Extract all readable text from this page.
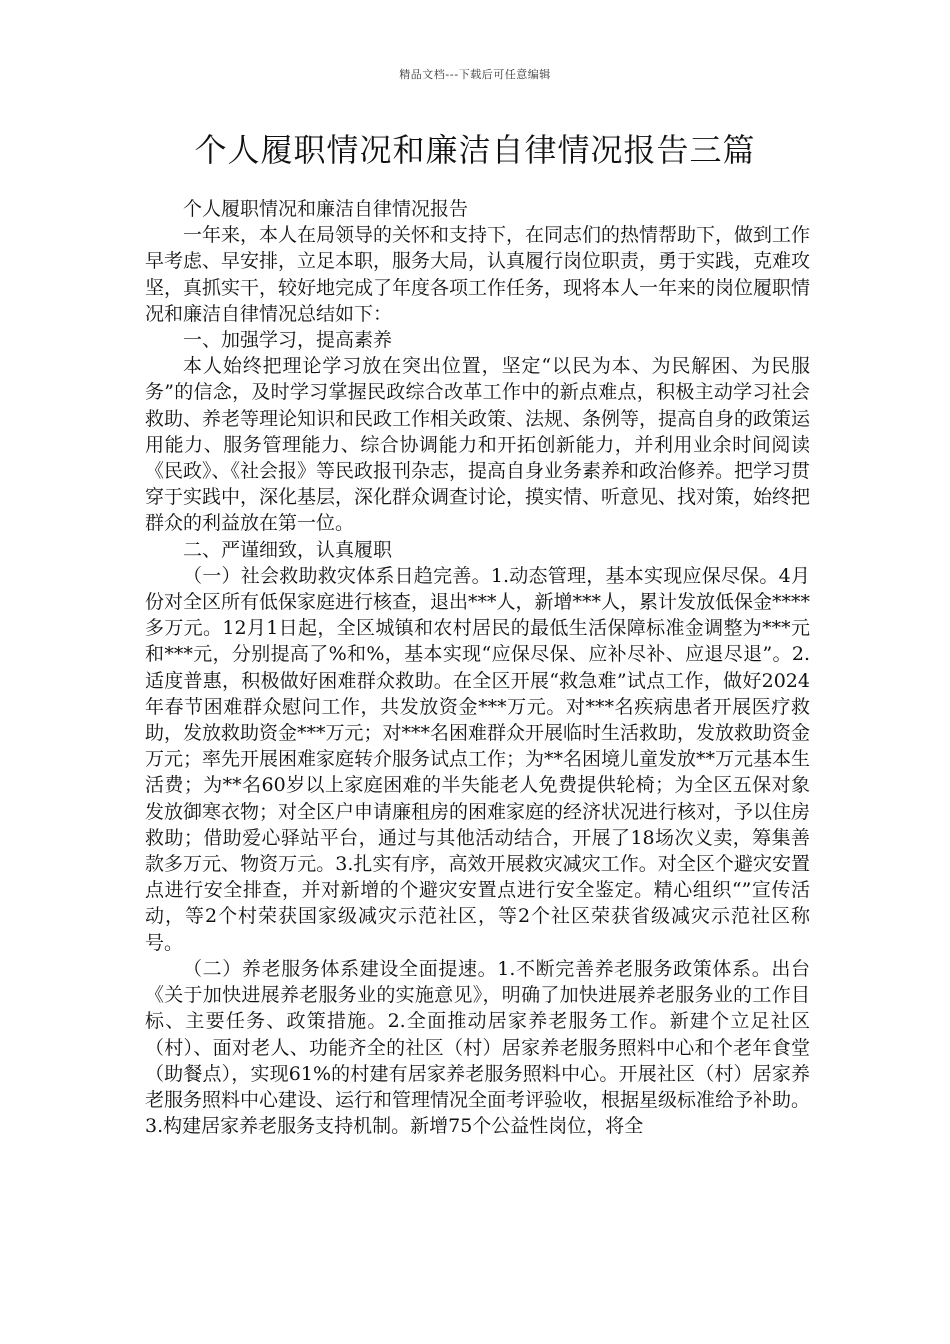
精品文档---下载后可任意编辑
个人履职情况和廉洁自律情况报告三篇

个人履职情况和廉洁自律情况报告

一年来，本人在局领导的关怀和支持下，在同志们的热情帮助下，做到工作早考虑、早安排，立足本职，服务大局，认真履行岗位职责，勇于实践，克难攻坚，真抓实干，较好地完成了年度各项工作任务，现将本人一年来的岗位履职情况和廉洁自律情况总结如下：

一、加强学习，提高素养

本人始终把理论学习放在突出位置，坚定“以民为本、为民解困、为民服务”的信念，及时学习掌握民政综合改革工作中的新点难点，积极主动学习社会救助、养老等理论知识和民政工作相关政策、法规、条例等，提高自身的政策运用能力、服务管理能力、综合协调能力和开拓创新能力，并利用业余时间阅读《民政》、《社会报》等民政报刊杂志，提高自身业务素养和政治修养。把学习贯穿于实践中，深化基层，深化群众调查讨论，摸实情、听意见、找对策，始终把群众的利益放在第一位。

二、严谨细致，认真履职

（一）社会救助救灾体系日趋完善。1.动态管理，基本实现应保尽保。4月份对全区所有低保家庭进行核查，退出***人，新增***人，累计发放低保金****多万元。12月1日起，全区城镇和农村居民的最低生活保障标准金调整为***元和***元，分别提高了%和%，基本实现“应保尽保、应补尽补、应退尽退”。2.适度普惠，积极做好困难群众救助。在全区开展“救急难”试点工作，做好2024年春节困难群众慰问工作，共发放资金***万元。对***名疾病患者开展医疗救助，发放救助资金***万元；对***名困难群众开展临时生活救助，发放救助资金万元；率先开展困难家庭转介服务试点工作；为**名困境儿童发放**万元基本生活费；为**名60岁以上家庭困难的半失能老人免费提供轮椅；为全区五保对象发放御寒衣物；对全区户申请廉租房的困难家庭的经济状况进行核对，予以住房救助；借助爱心驿站平台，通过与其他活动结合，开展了18场次义卖，筹集善款多万元、物资万元。3.扎实有序，高效开展救灾减灾工作。对全区个避灾安置点进行安全排查，并对新增的个避灾安置点进行安全鉴定。精心组织“”宣传活动，等2个村荣获国家级减灾示范社区，等2个社区荣获省级减灾示范社区称号。

（二）养老服务体系建设全面提速。1.不断完善养老服务政策体系。出台《关于加快进展养老服务业的实施意见》，明确了加快进展养老服务业的工作目标、主要任务、政策措施。2.全面推动居家养老服务工作。新建个立足社区（村）、面对老人、功能齐全的社区（村）居家养老服务照料中心和个老年食堂（助餐点），实现61%的村建有居家养老服务照料中心。开展社区（村）居家养老服务照料中心建设、运行和管理情况全面考评验收，根据星级标准给予补助。3.构建居家养老服务支持机制。新增75个公益性岗位，将全
